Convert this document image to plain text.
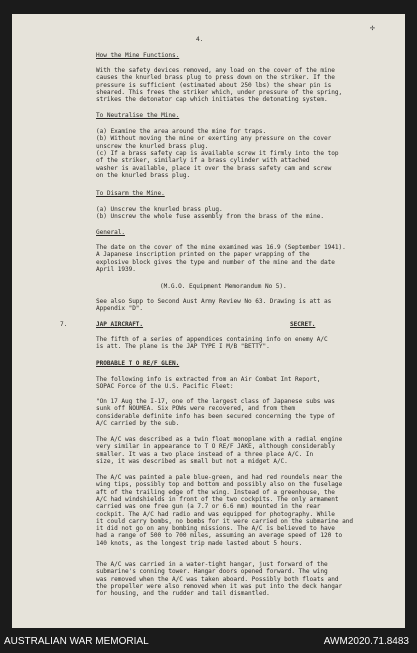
4.
✢
How the Mine Functions.
With the safety devices removed, any load on the cover of the mine
causes the knurled brass plug to press down on the striker. If the
pressure is sufficient (estimated about 250 lbs) the shear pin is
sheared. This frees the striker which, under pressure of the spring,
strikes the detonator cap which initiates the detonating system.
To Neutralise the Mine.
(a) Examine the area around the mine for traps.
(b) Without moving the mine or exerting any pressure on the cover
unscrew the knurled brass plug.
(c) If a brass safety cap is available screw it firmly into the top
of the striker, similarly if a brass cylinder with attached
washer is available, place it over the brass safety cam and screw
on the knurled brass plug.
To Disarm the Mine.
(a) Unscrew the knurled brass plug.
(b) Unscrew the whole fuse assembly from the brass of the mine.
General.
The date on the cover of the mine examined was 16.9 (September 1941).
A Japanese inscription printed on the paper wrapping of the
explosive block gives the type and number of the mine and the date
April 1939.
(M.G.O. Equipment Memorandum No 5).
See also Supp to Second Aust Army Review No 63. Drawing is att as
Appendix "D".
7.	JAP AIRCRAFT.	SECRET.
The fifth of a series of appendices containing info on enemy A/C
is att. The plane is the JAP TYPE I M/B "BETTY".
PROBABLE T O RE/F GLEN.
The following info is extracted from an Air Combat Int Report,
SOPAC Force of the U.S. Pacific Fleet:
"On 17 Aug the I-17, one of the largest class of Japanese subs was
sunk off NOUMEA. Six POWs were recovered, and from them
considerable definite info has been secured concerning the type of
A/C carried by the sub.
The A/C was described as a twin float monoplane with a radial engine
very similar in appearance to T O RE/F JAKE, although considerably
smaller. It was a two place instead of a three place A/C. In
size, it was described as small but not a midget A/C.
The A/C was painted a pale blue-green, and had red roundels near the
wing tips, possibly top and bottom and possibly also on the fuselage
aft of the trailing edge of the wing. Instead of a greenhouse, the
A/C had windshields in front of the two cockpits. The only armament
carried was one free gun (a 7.7 or 6.6 mm) mounted in the rear
cockpit. The A/C had radio and was equipped for photography. While
it could carry bombs, no bombs for it were carried on the submarine and
it did not go on any bombing missions. The A/C is believed to have
had a range of 500 to 700 miles, assuming an average speed of 120 to
140 knots, as the longest trip made lasted about 5 hours.
The A/C was carried in a water-tight hangar, just forward of the
submarine's conning tower. Hangar doors opened forward. The wing
was removed when the A/C was taken aboard. Possibly both floats and
the propeller were also removed when it was put into the deck hangar
for housing, and the rudder and tail dismantled.
AUSTRALIAN WAR MEMORIAL	AWM2020.71.8483
